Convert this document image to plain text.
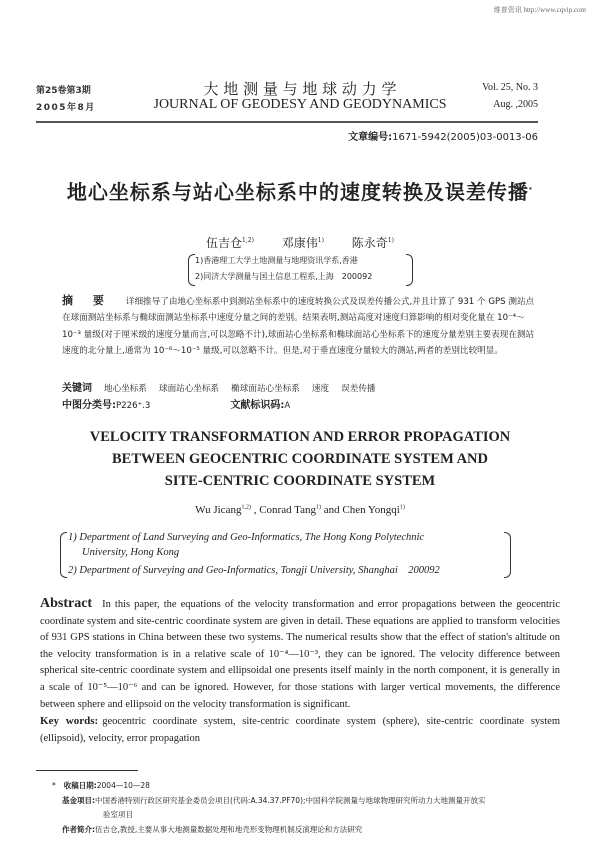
维普资讯 http://www.cqvip.com
第25卷第3期
2005年8月
大 地 测 量 与 地 球 动 力 学
JOURNAL OF GEODESY AND GEODYNAMICS
Vol. 25, No. 3
Aug. ,2005
文章编号:1671-5942(2005)03-0013-06
地心坐标系与站心坐标系中的速度转换及误差传播*
伍吉仓$^{1,2)}$ 邓康伟$^{1)}$ 陈永奇$^{1)}$
1)香港理工大学土地测量与地理资讯学系,香港
2)同济大学测量与国土信息工程系,上海　200092
摘 要 详细推导了由地心坐标系中到测站坐标系中的速度转换公式及误差传播公式,并且计算了 931 个 GPS 测站点在球面测站坐标系与椭球面测站坐标系中速度分量之间的差别。结果表明,测站高度对速度归算影响的相对变化量在 10⁻⁴～10⁻³ 量级(对于厘米级的速度分量而言,可以忽略不计),球面站心坐标系和椭球面站心坐标系下的速度分量差别主要表现在测站速度的北分量上,通常为 10⁻⁶～10⁻⁵ 量级,可以忽略不计。但是,对于垂直速度分量较大的测站,两者的差别比较明显。
关键词 地心坐标系 球面站心坐标系 椭球面站心坐标系 速度 误差传播
中图分类号:P226⁺.3	文献标识码:A
VELOCITY TRANSFORMATION AND ERROR PROPAGATION
BETWEEN GEOCENTRIC COORDINATE SYSTEM AND
SITE-CENTRIC COORDINATE SYSTEM
Wu Jicang$^{1,2)}$ , Conrad Tang$^{1)}$ and Chen Yongqi$^{1)}$
1) Department of Land Surveying and Geo-Informatics, The Hong Kong Polytechnic
University, Hong Kong
2) Department of Surveying and Geo-Informatics, Tongji University, Shanghai　200092
Abstract In this paper, the equations of the velocity transformation and error propagations between the geocentric coordinate system and site-centric coordinate system are given in detail. These equations are applied to transform velocities of 931 GPS stations in China between these two systems. The numerical results show that the effect of station's altitude on the velocity transformation is in a relative scale of 10⁻⁴—10⁻³, they can be ignored. The velocity difference between spherical site-centric coordinate system and ellipsoidal one presents itself mainly in the north component, it is generally in a scale of 10⁻⁵—10⁻⁶ and can be ignored. However, for those stations with larger vertical movements, the difference between sphere and ellipsoid on the velocity transformation is significant.
Key words: geocentric coordinate system, site-centric coordinate system (sphere), site-centric coordinate system (ellipsoid), velocity, error propagation
* 收稿日期:2004—10—28
基金项目:中国香港特别行政区研究基金委员会项目(代码:A.34.37.PF70);中国科学院测量与地球物理研究所动力大地测量开放实
验室项目
作者简介:伍吉仓,教授,主要从事大地测量数据处理和地壳形变物理机制反演理论和方法研究
